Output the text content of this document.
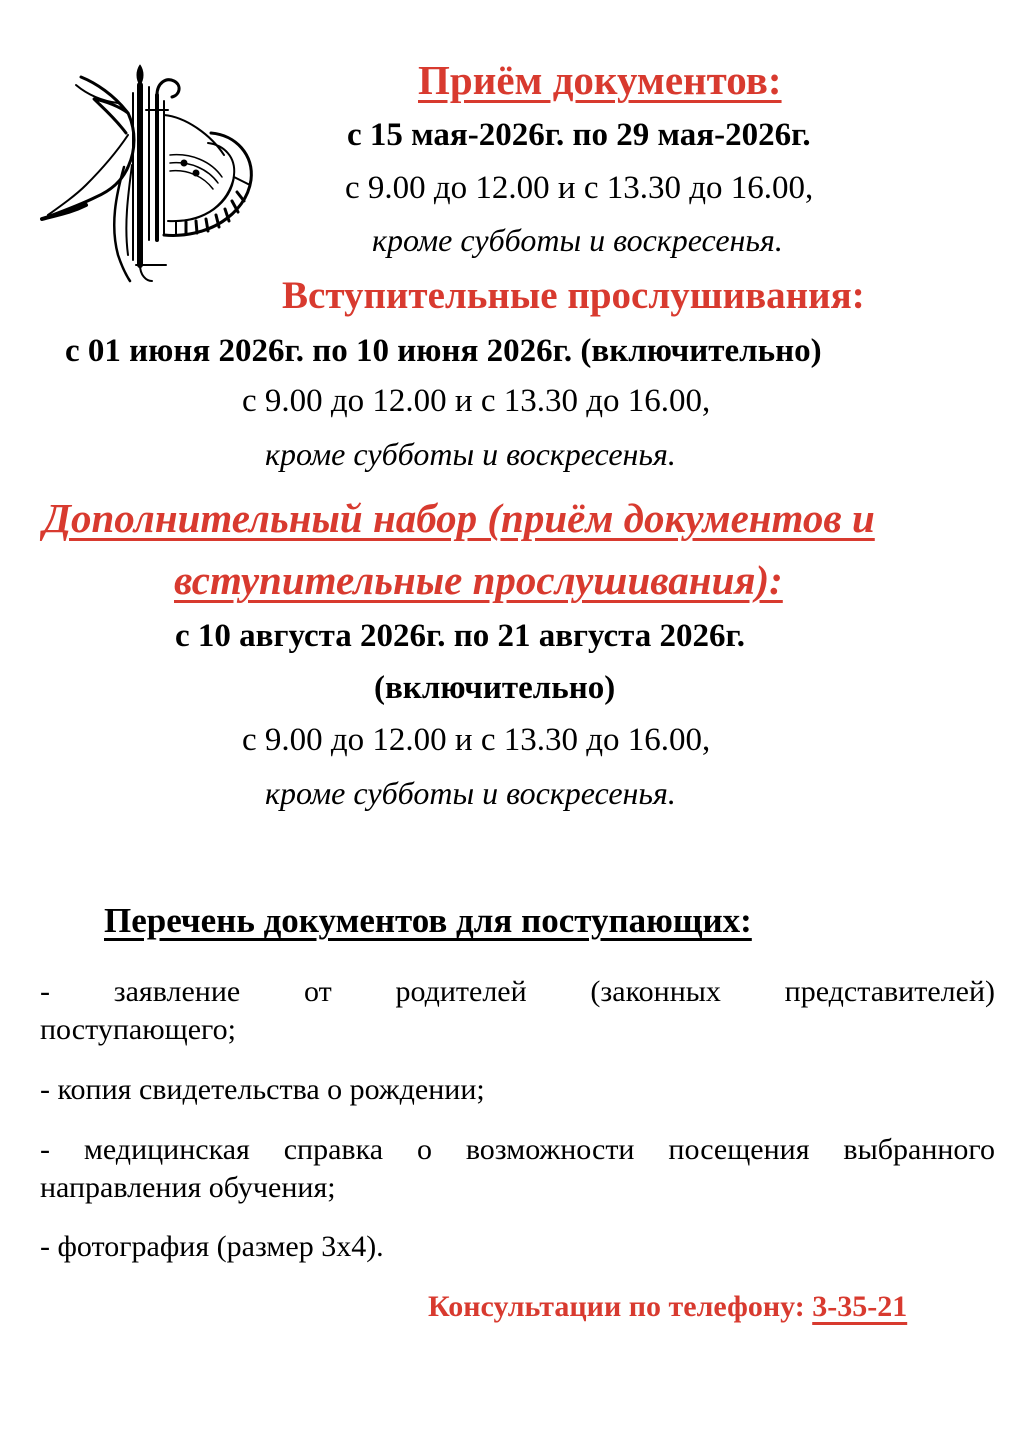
Приём документов:
с 15 мая-2026г. по 29 мая-2026г.
с 9.00 до 12.00 и с 13.30 до 16.00,
кроме субботы и воскресенья.
Вступительные прослушивания:
с 01 июня 2026г. по 10 июня 2026г. (включительно)
с 9.00 до 12.00 и с 13.30 до 16.00,
кроме субботы и воскресенья.
Дополнительный набор (приём документов и
вступительные прослушивания):
с 10 августа 2026г. по 21 августа 2026г.
(включительно)
с 9.00 до 12.00 и с 13.30 до 16.00,
кроме субботы и воскресенья.
Перечень документов для поступающих:
- заявление от родителей (законных представителей)
поступающего;
- копия свидетельства о рождении;
- медицинская справка о возможности посещения выбранного
направления обучения;
- фотография (размер 3х4).
Консультации по телефону: 3-35-21
